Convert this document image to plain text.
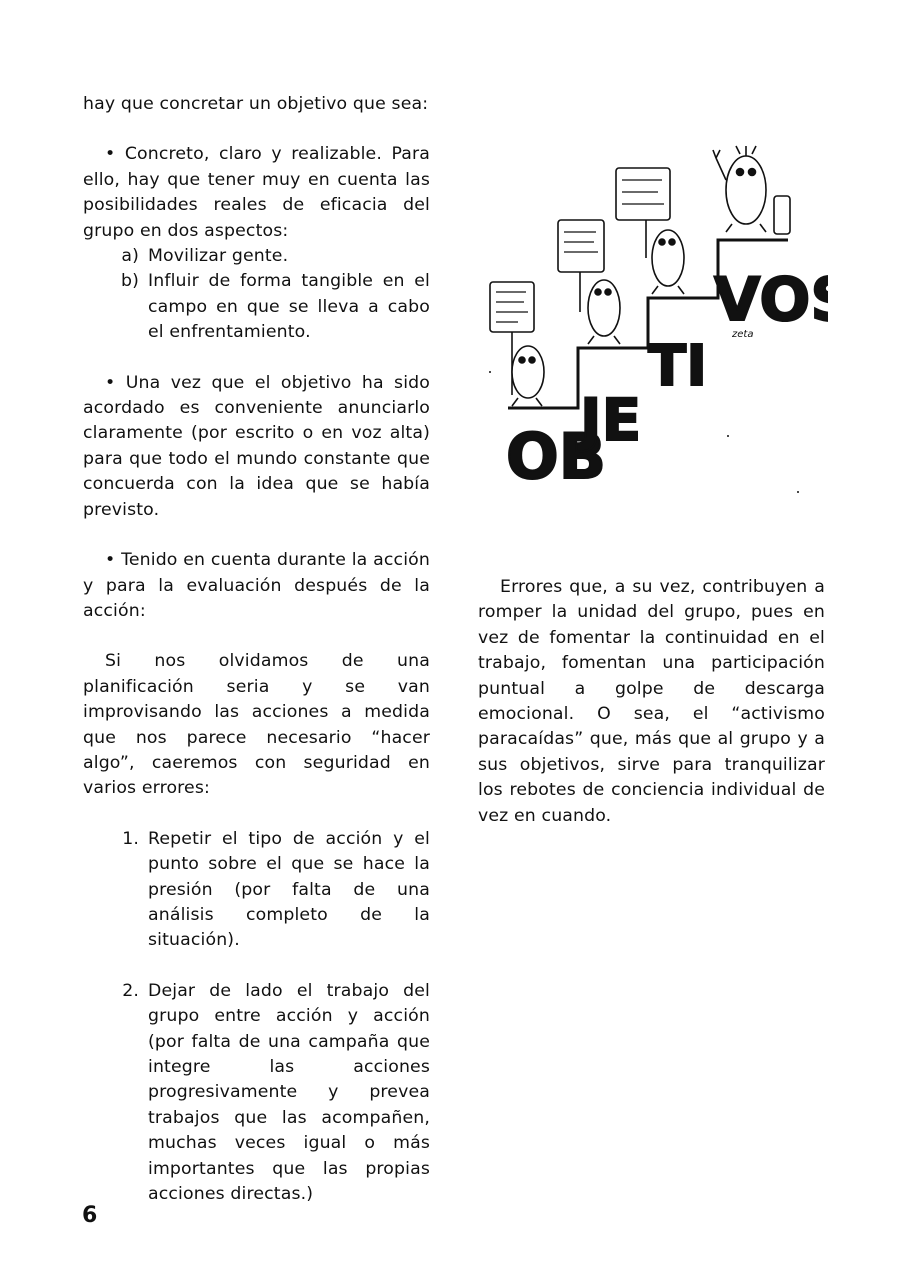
hay que concretar un objetivo que sea:

• Concreto, claro y realizable. Para ello, hay que tener muy en cuenta las posibilidades reales de eficacia del grupo en dos aspectos:

a) Movilizar gente.
b) Influir de forma tangible en el campo en que se lleva a cabo el enfrentamiento.

• Una vez que el objetivo ha sido acordado es conveniente anunciarlo claramente (por escrito o en voz alta) para que todo el mundo constante que concuerda con la idea que se había previsto.

• Tenido en cuenta durante la acción y para la evaluación después de la acción:

Si nos olvidamos de una planificación seria y se van improvisando las acciones a medida que nos parece necesario “hacer algo”, caeremos con seguridad en varios errores:

1. Repetir el tipo de acción y el punto sobre el que se hace la presión (por falta de una análisis completo de la situación).
2. Dejar de lado el trabajo del grupo entre acción y acción (por falta de una campaña que integre las acciones progresivamente y prevea trabajos que las acompañen, muchas veces igual o más importantes que las propias acciones directas.)
OB
JE
TI
VO
zeta

Errores que, a su vez, contribuyen a romper la unidad del grupo, pues en vez de fomentar la continuidad en el trabajo, fomentan una participación puntual a golpe de descarga emocional. O sea, el “activismo paracaídas” que, más que al grupo y a sus objetivos, sirve para tranquilizar los rebotes de conciencia individual de vez en cuando.

6
